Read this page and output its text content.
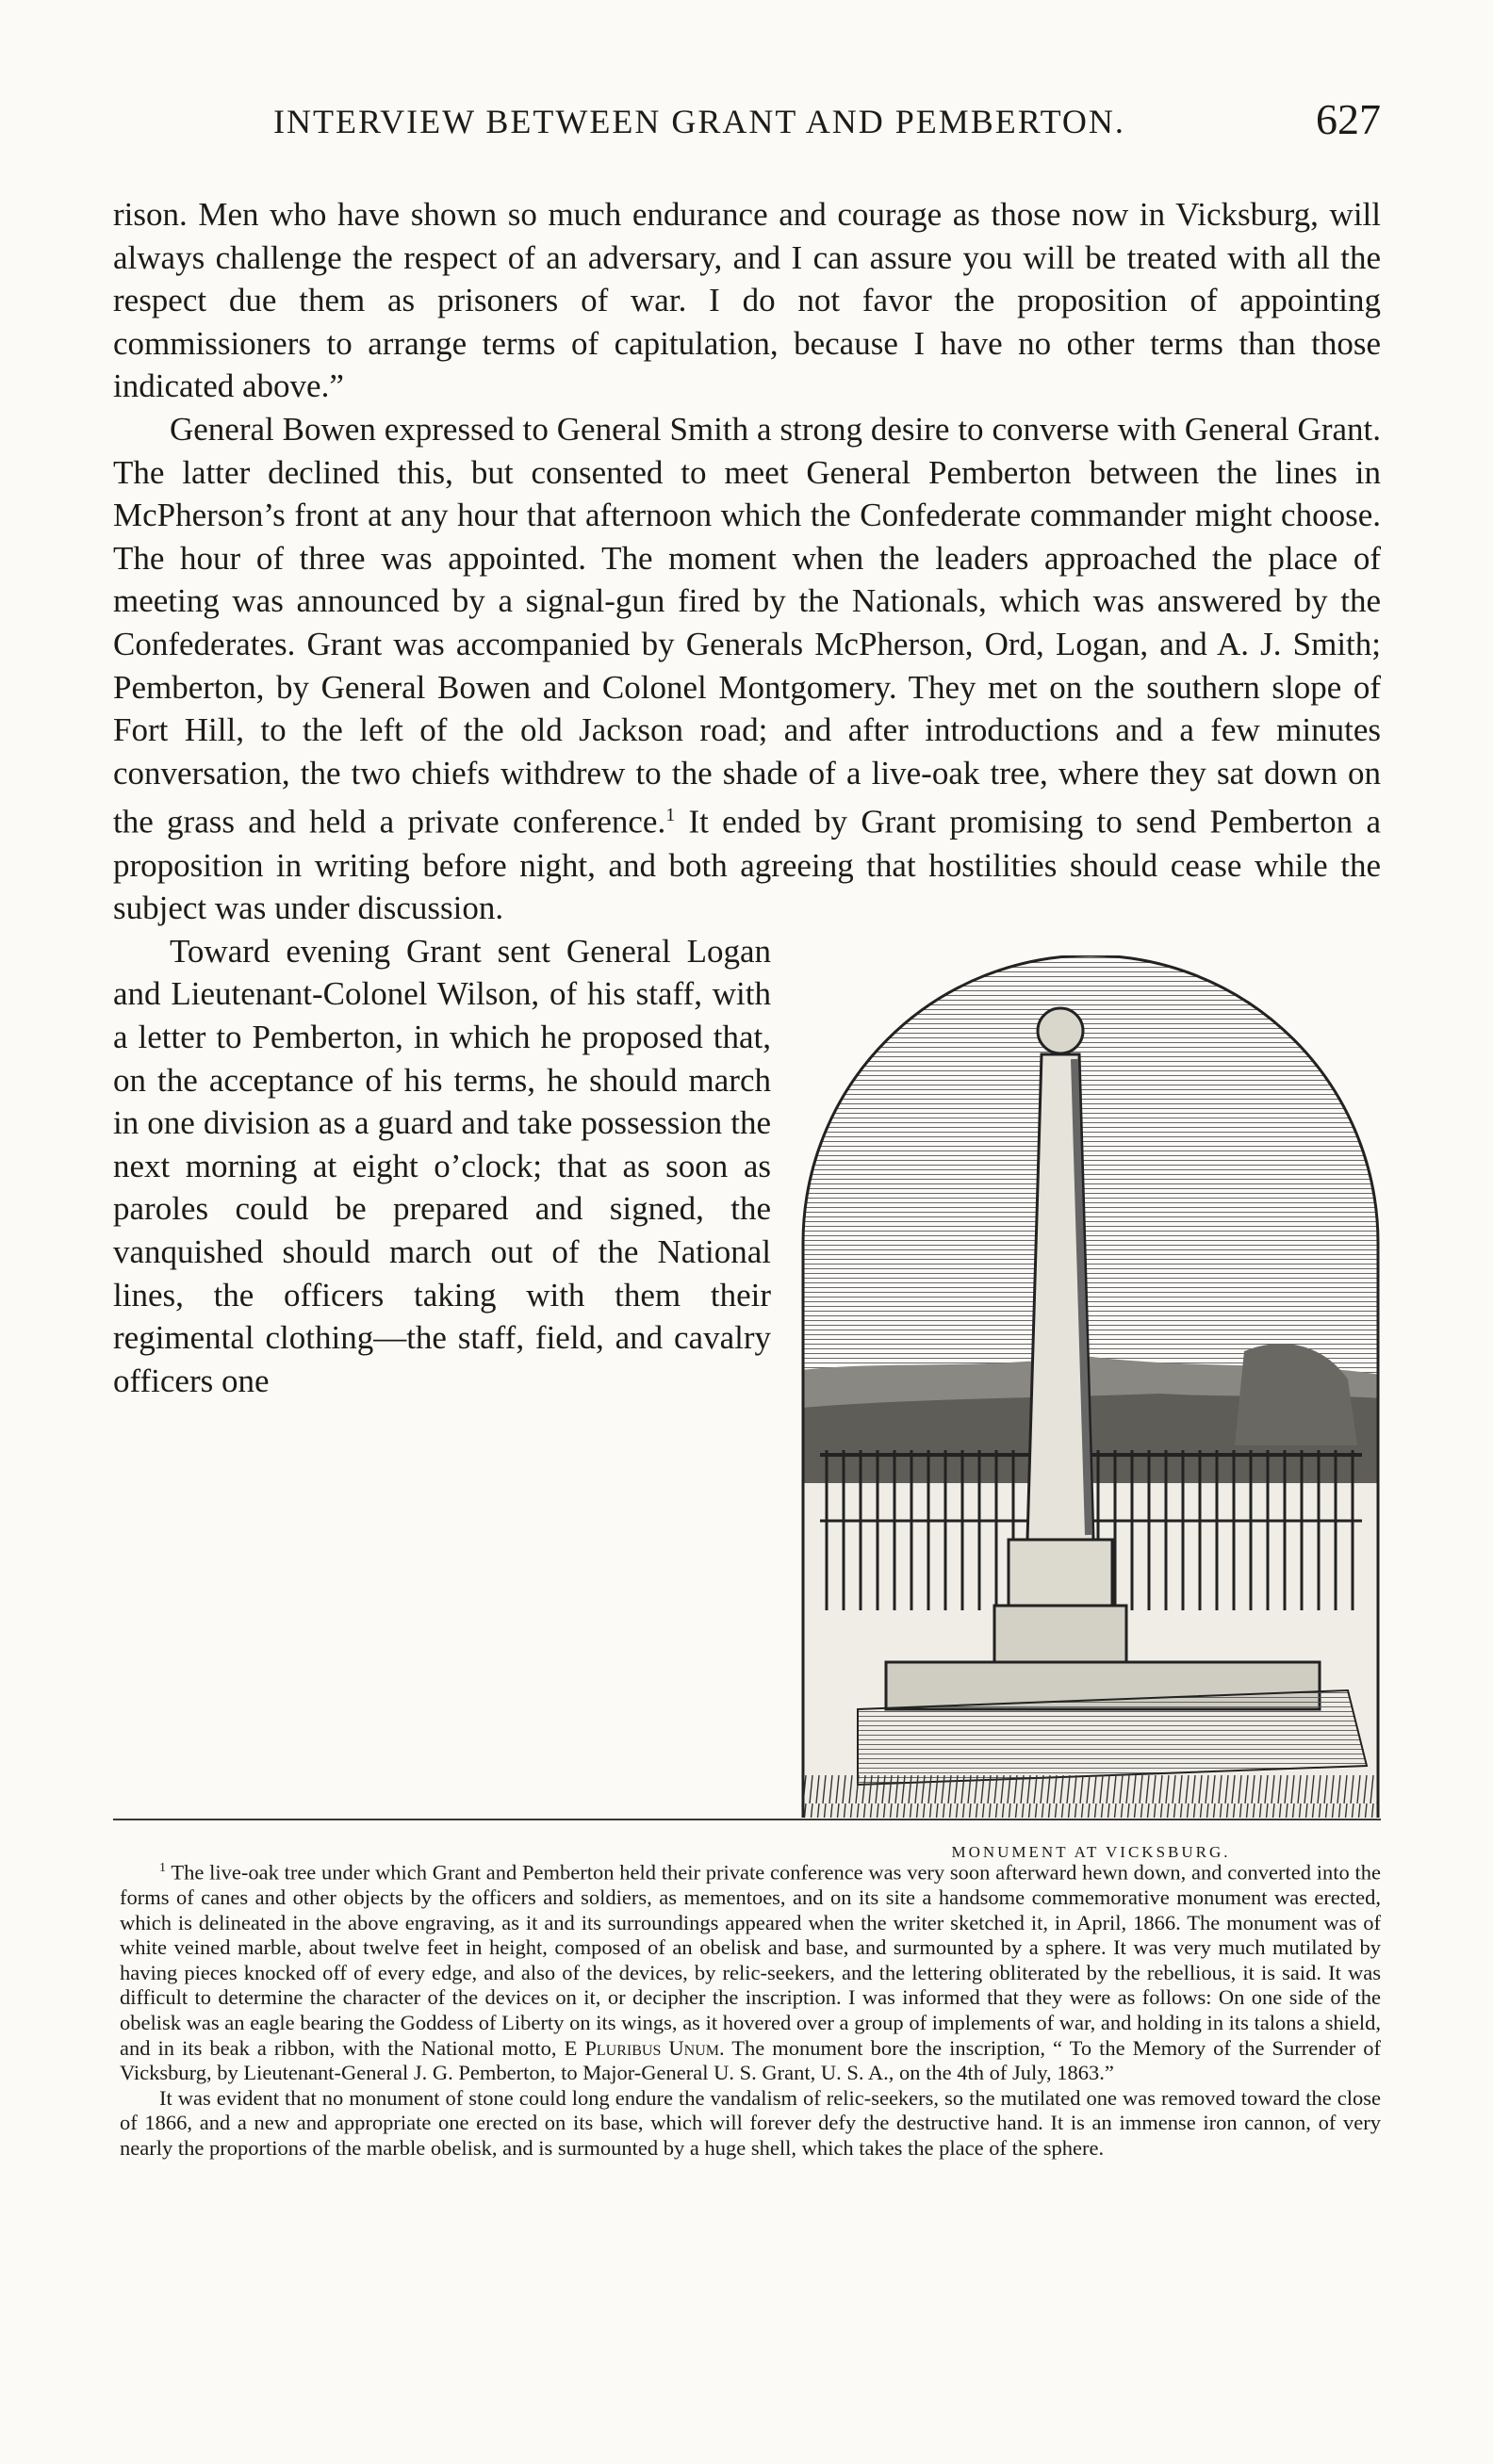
INTERVIEW BETWEEN GRANT AND PEMBERTON.	627

rison. Men who have shown so much endurance and courage as those now in Vicksburg, will always challenge the respect of an adversary, and I can assure you will be treated with all the respect due them as prisoners of war. I do not favor the proposition of appointing commissioners to arrange terms of capitulation, because I have no other terms than those indicated above.”

General Bowen expressed to General Smith a strong desire to converse with General Grant. The latter declined this, but consented to meet General Pemberton between the lines in McPherson’s front at any hour that afternoon which the Confederate commander might choose. The hour of three was appointed. The moment when the leaders approached the place of meeting was announced by a signal-gun fired by the Nationals, which was answered by the Confederates. Grant was accompanied by Generals McPherson, Ord, Logan, and A. J. Smith; Pemberton, by General Bowen and Colonel Montgomery. They met on the southern slope of Fort Hill, to the left of the old Jackson road; and after introductions and a few minutes conversation, the two chiefs withdrew to the shade of a live-oak tree, where they sat down on the grass and held a private conference.$^1$ It ended by Grant promising to send Pemberton a proposition in writing before night, and both agreeing that hostilities should cease while the subject was under discussion.

MONUMENT AT VICKSBURG.

Toward evening Grant sent General Logan and Lieutenant-Colonel Wilson, of his staff, with a letter to Pemberton, in which he proposed that, on the acceptance of his terms, he should march in one division as a guard and take possession the next morning at eight o’clock; that as soon as paroles could be prepared and signed, the vanquished should march out of the National lines, the officers taking with them their regimental clothing—the staff, field, and cavalry officers one

$^1$ The live-oak tree under which Grant and Pemberton held their private conference was very soon afterward hewn down, and converted into the forms of canes and other objects by the officers and soldiers, as mementoes, and on its site a handsome commemorative monument was erected, which is delineated in the above engraving, as it and its surroundings appeared when the writer sketched it, in April, 1866. The monument was of white veined marble, about twelve feet in height, composed of an obelisk and base, and surmounted by a sphere. It was very much mutilated by having pieces knocked off of every edge, and also of the devices, by relic-seekers, and the lettering obliterated by the rebellious, it is said. It was difficult to determine the character of the devices on it, or decipher the inscription. I was informed that they were as follows: On one side of the obelisk was an eagle bearing the Goddess of Liberty on its wings, as it hovered over a group of implements of war, and holding in its talons a shield, and in its beak a ribbon, with the National motto, E Pluribus Unum. The monument bore the inscription, “ To the Memory of the Surrender of Vicksburg, by Lieutenant-General J. G. Pemberton, to Major-General U. S. Grant, U. S. A., on the 4th of July, 1863.”

It was evident that no monument of stone could long endure the vandalism of relic-seekers, so the mutilated one was removed toward the close of 1866, and a new and appropriate one erected on its base, which will forever defy the destructive hand. It is an immense iron cannon, of very nearly the proportions of the marble obelisk, and is surmounted by a huge shell, which takes the place of the sphere.
